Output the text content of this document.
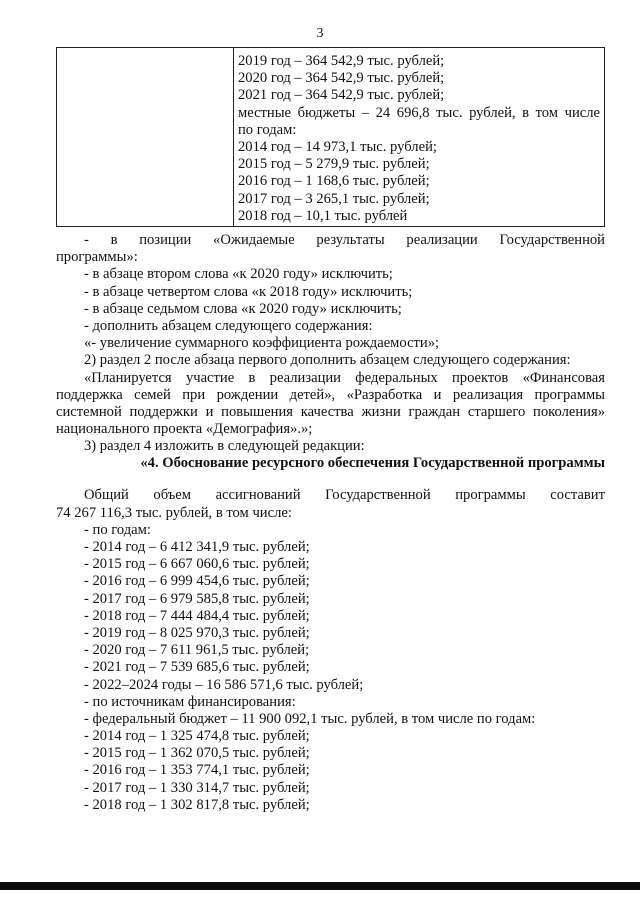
3
2019 год – 364 542,9 тыс. рублей;
2020 год – 364 542,9 тыс. рублей;
2021 год – 364 542,9 тыс. рублей;
местные бюджеты – 24 696,8 тыс. рублей, в том числе
по годам:
2014 год – 14 973,1 тыс. рублей;
2015 год – 5 279,9 тыс. рублей;
2016 год – 1 168,6 тыс. рублей;
2017 год – 3 265,1 тыс. рублей;
2018 год – 10,1 тыс. рублей
- в позиции «Ожидаемые результаты реализации Государственной
программы»:
- в абзаце втором слова «к 2020 году» исключить;
- в абзаце четвертом слова «к 2018 году» исключить;
- в абзаце седьмом слова «к 2020 году» исключить;
- дополнить абзацем следующего содержания:
«- увеличение суммарного коэффициента рождаемости»;
2) раздел 2 после абзаца первого дополнить абзацем следующего содержания:
«Планируется участие в реализации федеральных проектов «Финансовая
поддержка семей при рождении детей», «Разработка и реализация программы
системной поддержки и повышения качества жизни граждан старшего поколения»
национального проекта «Демография».»;
3) раздел 4 изложить в следующей редакции:
«4. Обоснование ресурсного обеспечения Государственной программы
Общий объем ассигнований Государственной программы составит
74 267 116,3 тыс. рублей, в том числе:
- по годам:
- 2014 год – 6 412 341,9 тыс. рублей;
- 2015 год – 6 667 060,6 тыс. рублей;
- 2016 год – 6 999 454,6 тыс. рублей;
- 2017 год – 6 979 585,8 тыс. рублей;
- 2018 год – 7 444 484,4 тыс. рублей;
- 2019 год – 8 025 970,3 тыс. рублей;
- 2020 год – 7 611 961,5 тыс. рублей;
- 2021 год – 7 539 685,6 тыс. рублей;
- 2022–2024 годы – 16 586 571,6 тыс. рублей;
- по источникам финансирования:
- федеральный бюджет – 11 900 092,1 тыс. рублей, в том числе по годам:
- 2014 год – 1 325 474,8 тыс. рублей;
- 2015 год – 1 362 070,5 тыс. рублей;
- 2016 год – 1 353 774,1 тыс. рублей;
- 2017 год – 1 330 314,7 тыс. рублей;
- 2018 год – 1 302 817,8 тыс. рублей;
